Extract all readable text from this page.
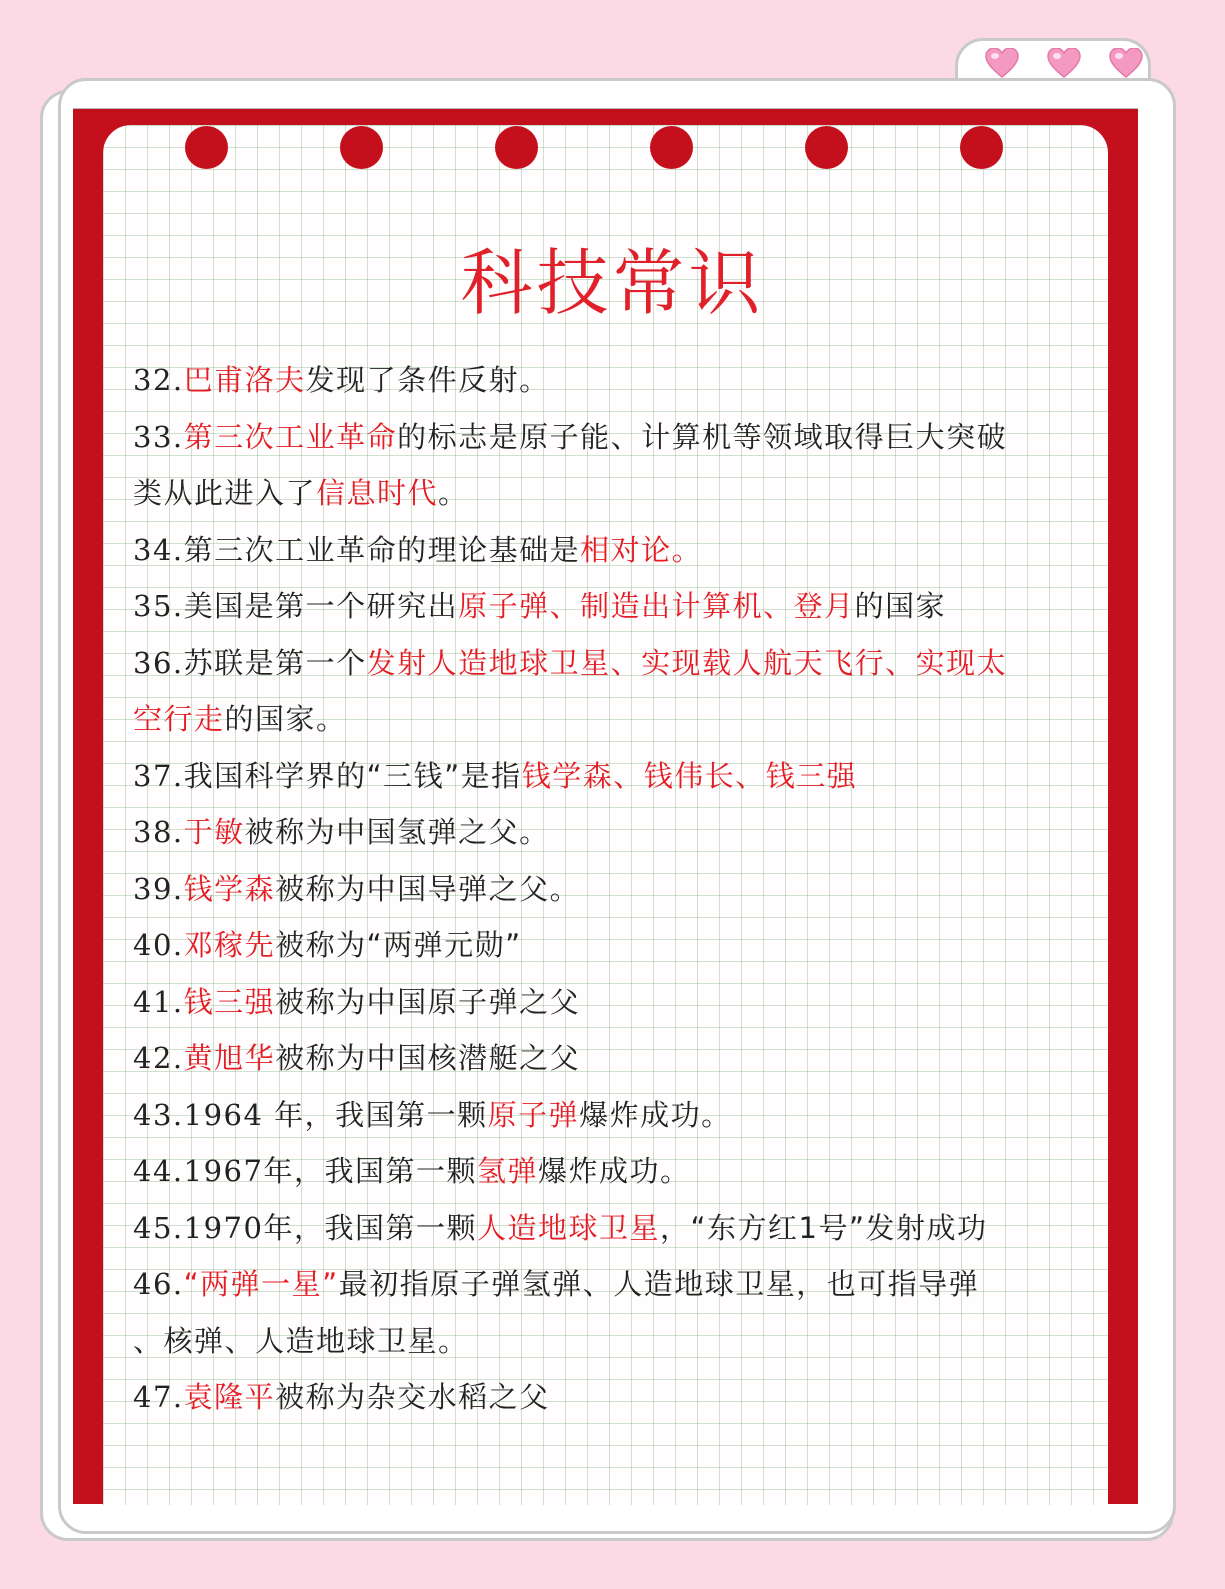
科技常识
32.巴甫洛夫发现了条件反射。
33.第三次工业革命的标志是原子能、计算机等领域取得巨大突破
类从此进入了信息时代。
34.第三次工业革命的理论基础是相对论。
35.美国是第一个研究出原子弹、制造出计算机、登月的国家
36.苏联是第一个发射人造地球卫星、实现载人航天飞行、实现太
空行走的国家。
37.我国科学界的“三钱”是指钱学森、钱伟长、钱三强
38.于敏被称为中国氢弹之父。
39.钱学森被称为中国导弹之父。
40.邓稼先被称为“两弹元勋”
41.钱三强被称为中国原子弹之父
42.黄旭华被称为中国核潜艇之父
43.1964 年，我国第一颗原子弹爆炸成功。
44.1967年，我国第一颗氢弹爆炸成功。
45.1970年，我国第一颗人造地球卫星，“东方红1号”发射成功
46.“两弹一星”最初指原子弹氢弹、人造地球卫星，也可指导弹
、核弹、人造地球卫星。
47.袁隆平被称为杂交水稻之父
